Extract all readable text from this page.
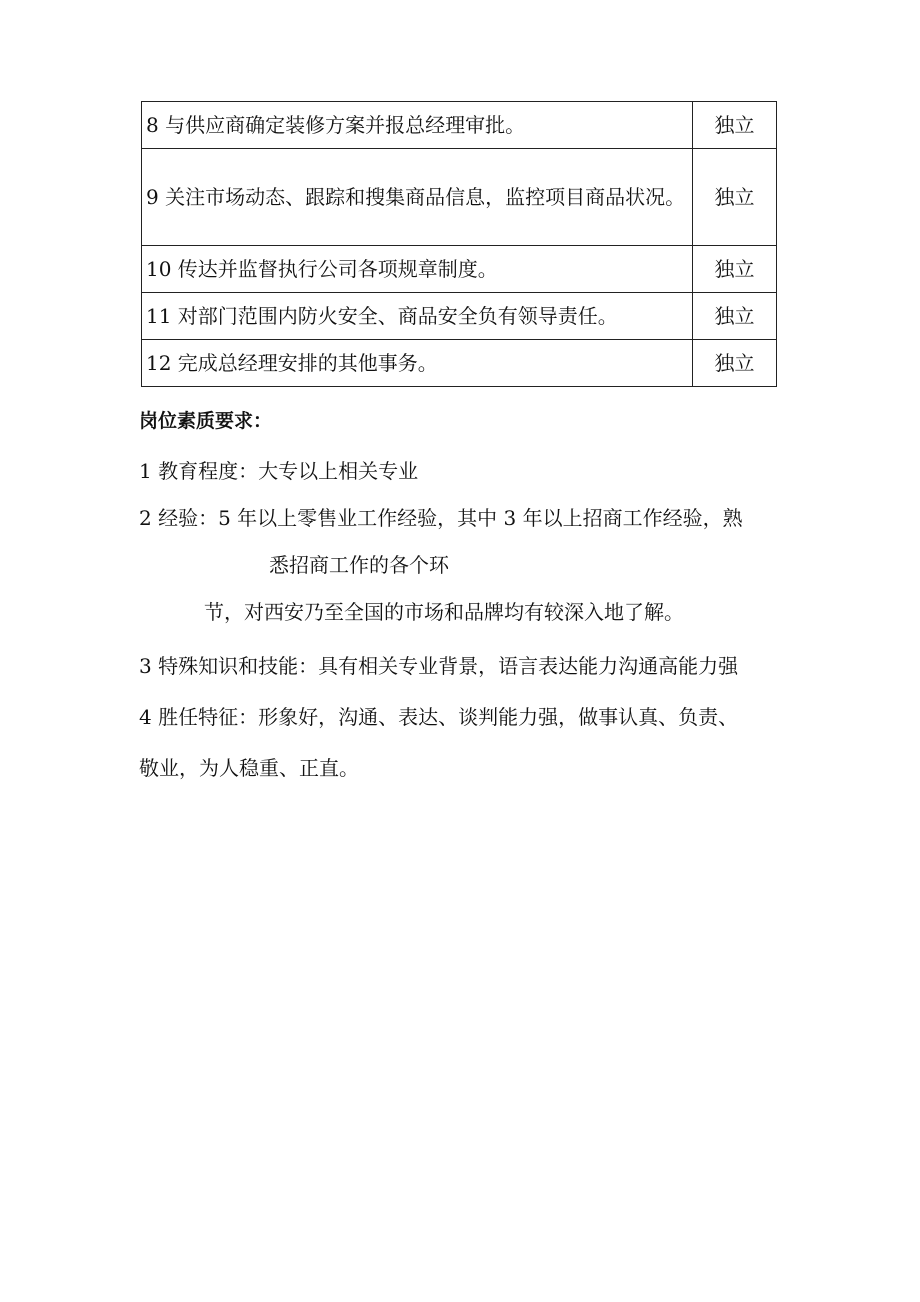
8 与供应商确定装修方案并报总经理审批。	独立
9 关注市场动态、跟踪和搜集商品信息，监控项目商品状况。	独立
10 传达并监督执行公司各项规章制度。	独立
11 对部门范围内防火安全、商品安全负有领导责任。	独立
12 完成总经理安排的其他事务。	独立
岗位素质要求：

1 教育程度：大专以上相关专业

2 经验：5 年以上零售业工作经验，其中 3 年以上招商工作经验，熟

悉招商工作的各个环

节，对西安乃至全国的市场和品牌均有较深入地了解。

3 特殊知识和技能：具有相关专业背景，语言表达能力沟通高能力强

4 胜任特征：形象好，沟通、表达、谈判能力强，做事认真、负责、

敬业，为人稳重、正直。
